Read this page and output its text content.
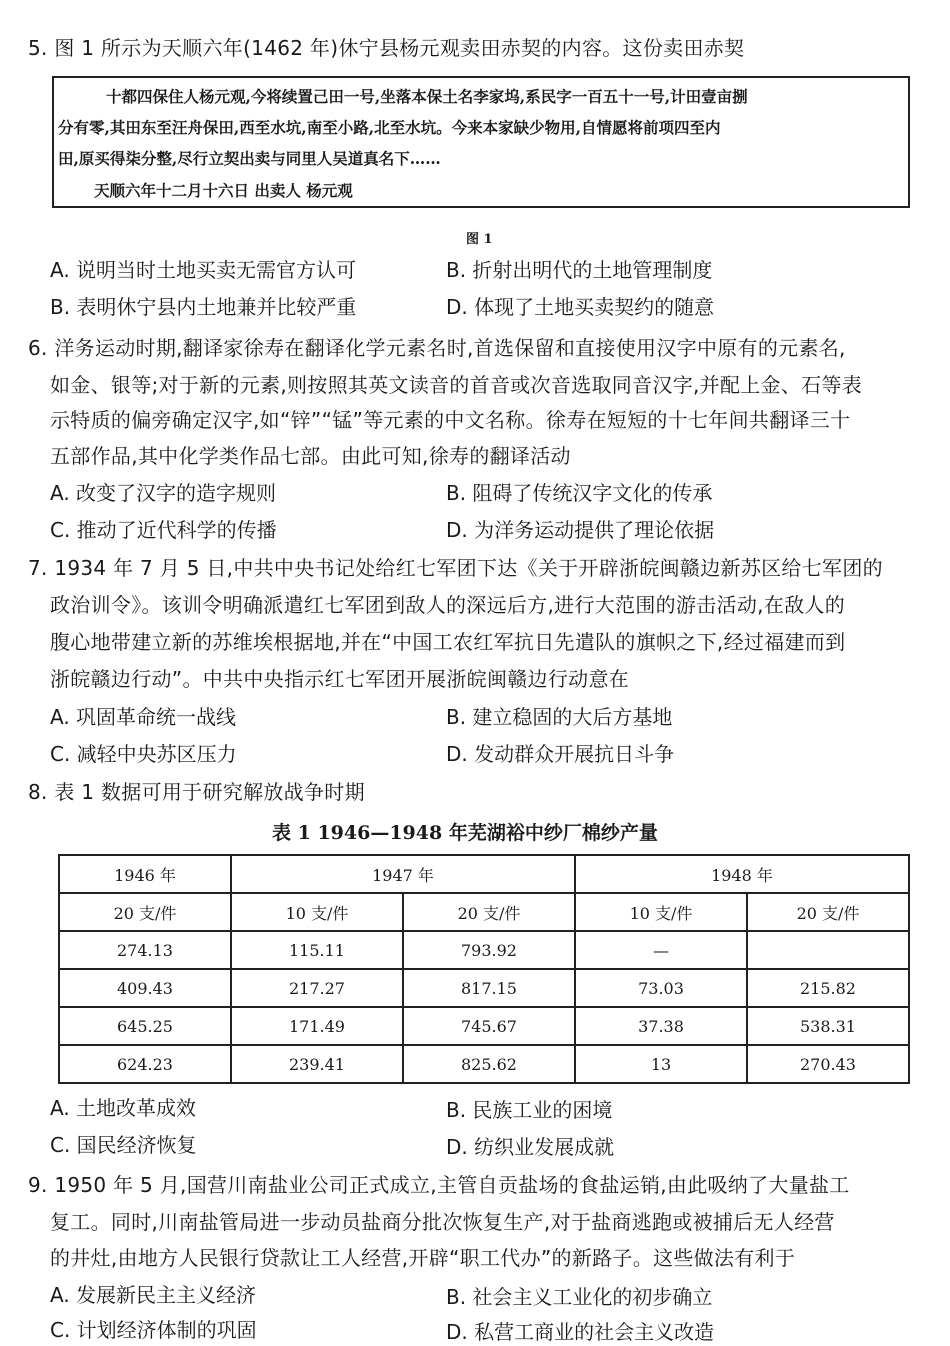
5. 图 1 所示为天顺六年(1462 年)休宁县杨元观卖田赤契的内容。这份卖田赤契
十都四保住人杨元观,今将续置己田一号,坐落本保土名李家坞,系民字一百五十一号,计田壹亩捌
分有零,其田东至汪舟保田,西至水坑,南至小路,北至水坑。今来本家缺少物用,自情愿将前项四至内
田,原买得柒分整,尽行立契出卖与同里人吴道真名下……
天顺六年十二月十六日 出卖人 杨元观
图 1
A. 说明当时土地买卖无需官方认可	B. 折射出明代的土地管理制度
B. 表明休宁县内土地兼并比较严重	D. 体现了土地买卖契约的随意
6. 洋务运动时期,翻译家徐寿在翻译化学元素名时,首选保留和直接使用汉字中原有的元素名,
如金、银等;对于新的元素,则按照其英文读音的首音或次音选取同音汉字,并配上金、石等表
示特质的偏旁确定汉字,如“锌”“锰”等元素的中文名称。徐寿在短短的十七年间共翻译三十
五部作品,其中化学类作品七部。由此可知,徐寿的翻译活动
A. 改变了汉字的造字规则	B. 阻碍了传统汉字文化的传承
C. 推动了近代科学的传播	D. 为洋务运动提供了理论依据
7. 1934 年 7 月 5 日,中共中央书记处给红七军团下达《关于开辟浙皖闽赣边新苏区给七军团的
政治训令》。该训令明确派遣红七军团到敌人的深远后方,进行大范围的游击活动,在敌人的
腹心地带建立新的苏维埃根据地,并在“中国工农红军抗日先遣队的旗帜之下,经过福建而到
浙皖赣边行动”。中共中央指示红七军团开展浙皖闽赣边行动意在
A. 巩固革命统一战线	B. 建立稳固的大后方基地
C. 减轻中央苏区压力	D. 发动群众开展抗日斗争
8. 表 1 数据可用于研究解放战争时期
表 1 1946—1948 年芜湖裕中纱厂棉纱产量
1946 年	1947 年		1948 年	
20 支/件	10 支/件	20 支/件	10 支/件	20 支/件
274.13	115.11	793.92	—	
409.43	217.27	817.15	73.03	215.82
645.25	171.49	745.67	37.38	538.31
624.23	239.41	825.62	13	270.43
A. 土地改革成效	B. 民族工业的困境
C. 国民经济恢复	D. 纺织业发展成就
9. 1950 年 5 月,国营川南盐业公司正式成立,主管自贡盐场的食盐运销,由此吸纳了大量盐工
复工。同时,川南盐管局进一步动员盐商分批次恢复生产,对于盐商逃跑或被捕后无人经营
的井灶,由地方人民银行贷款让工人经营,开辟“职工代办”的新路子。这些做法有利于
A. 发展新民主主义经济	B. 社会主义工业化的初步确立
C. 计划经济体制的巩固	D. 私营工商业的社会主义改造
